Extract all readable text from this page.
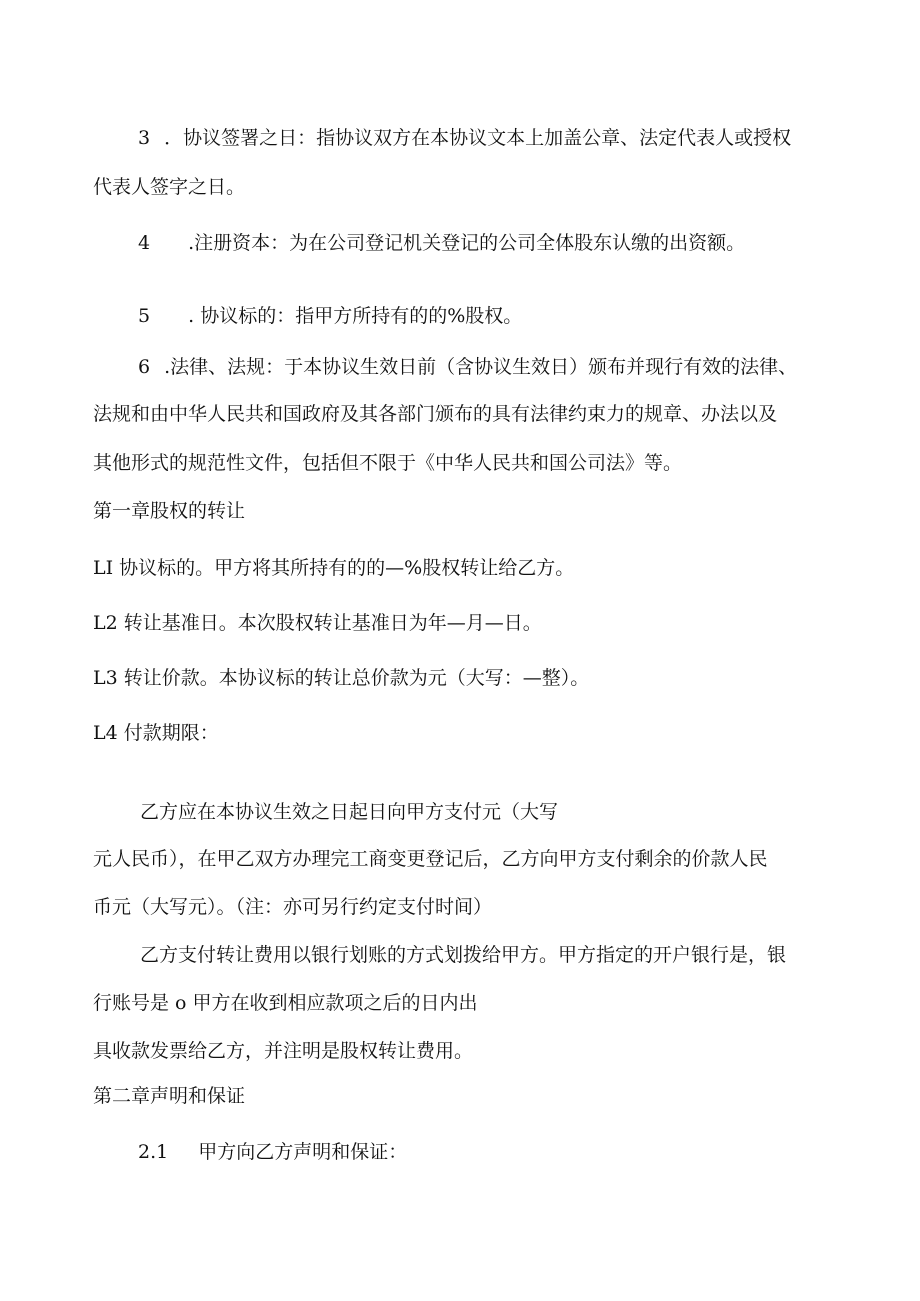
3 ．协议签署之日：指协议双方在本协议文本上加盖公章、法定代表人或授权
代表人签字之日。
4 .注册资本：为在公司登记机关登记的公司全体股东认缴的出资额。
5 . 协议标的：指甲方所持有的的%股权。
6 .法律、法规：于本协议生效日前（含协议生效日）颁布并现行有效的法律、
法规和由中华人民共和国政府及其各部门颁布的具有法律约束力的规章、办法以及
其他形式的规范性文件，包括但不限于《中华人民共和国公司法》等。
第一章股权的转让
LI 协议标的。甲方将其所持有的的—%股权转让给乙方。
L2 转让基准日。本次股权转让基准日为年—月—日。
L3 转让价款。本协议标的转让总价款为元（大写：—整）。
L4 付款期限：
乙方应在本协议生效之日起日向甲方支付元（大写
元人民币），在甲乙双方办理完工商变更登记后，乙方向甲方支付剩余的价款人民
币元（大写元）。（注：亦可另行约定支付时间）
乙方支付转让费用以银行划账的方式划拨给甲方。甲方指定的开户银行是，银
行账号是 o 甲方在收到相应款项之后的日内出
具收款发票给乙方，并注明是股权转让费用。
第二章声明和保证
2.1 甲方向乙方声明和保证：
